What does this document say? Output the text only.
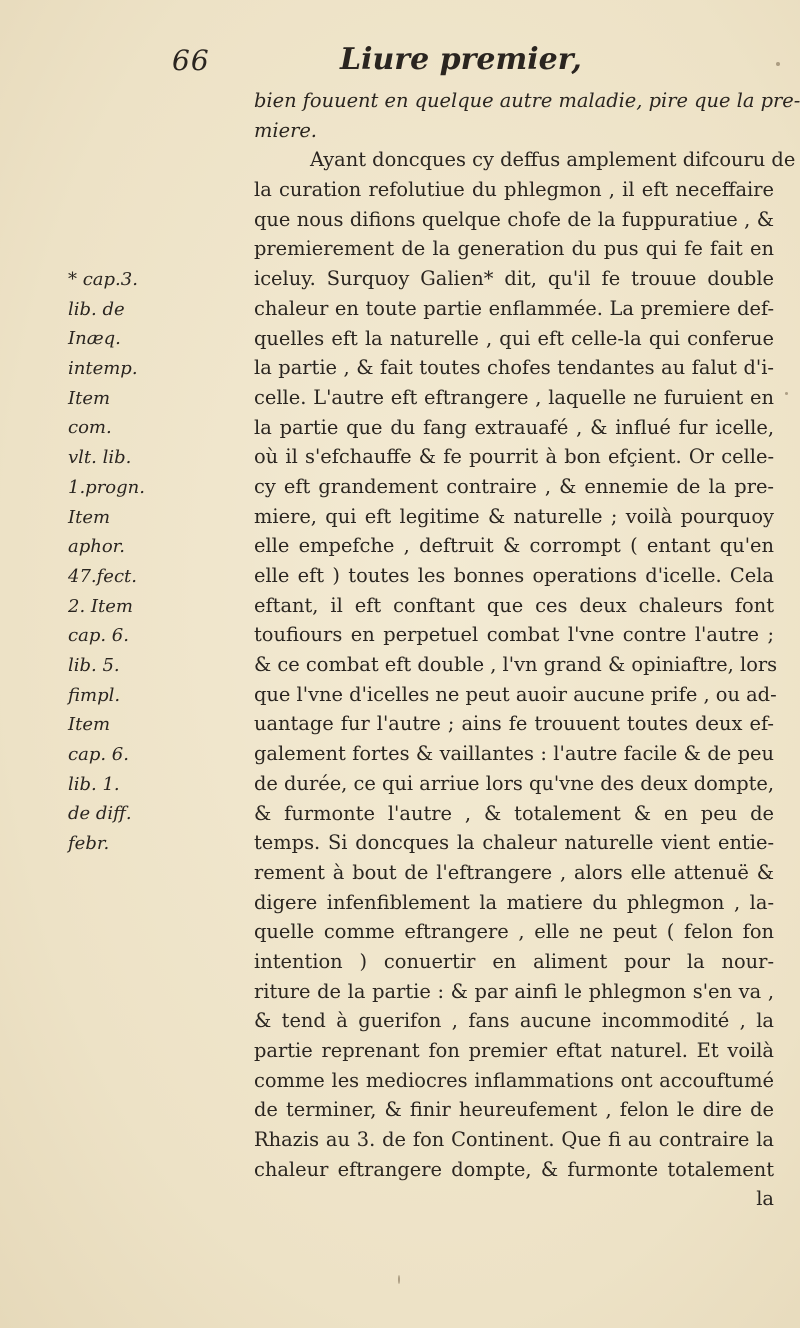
66	Liure premier,
bien fouuent en quelque autre maladie, pire que la pre-
miere.
Ayant doncques cy deffus amplement difcouru de
la curation refolutiue du phlegmon , il eft neceffaire
que nous difions quelque chofe de la fuppuratiue , &
premierement de la generation du pus qui fe fait en
iceluy. Surquoy Galien* dit, qu'il fe trouue double
chaleur en toute partie enflammée. La premiere def-
quelles eft la naturelle , qui eft celle-la qui conferue
la partie , & fait toutes chofes tendantes au falut d'i-
celle. L'autre eft eftrangere , laquelle ne furuient en
la partie que du fang extrauafé , & influé fur icelle,
où il s'efchauffe & fe pourrit à bon efçient. Or celle-
cy eft grandement contraire , & ennemie de la pre-
miere, qui eft legitime & naturelle ; voilà pourquoy
elle empefche , deftruit & corrompt ( entant qu'en
elle eft ) toutes les bonnes operations d'icelle. Cela
eftant, il eft conftant que ces deux chaleurs font
toufiours en perpetuel combat l'vne contre l'autre ;
& ce combat eft double , l'vn grand & opiniaftre, lors
que l'vne d'icelles ne peut auoir aucune prife , ou ad-
uantage fur l'autre ; ains fe trouuent toutes deux ef-
galement fortes & vaillantes : l'autre facile & de peu
de durée, ce qui arriue lors qu'vne des deux dompte,
& furmonte l'autre , & totalement & en peu de
temps. Si doncques la chaleur naturelle vient entie-
rement à bout de l'eftrangere , alors elle attenuë &
digere infenfiblement la matiere du phlegmon , la-
quelle comme eftrangere , elle ne peut ( felon fon
intention ) conuertir en aliment pour la nour-
riture de la partie : & par ainfi le phlegmon s'en va ,
& tend à guerifon , fans aucune incommodité , la
partie reprenant fon premier eftat naturel. Et voilà
comme les mediocres inflammations ont accouftumé
de terminer, & finir heureufement , felon le dire de
Rhazis au 3. de fon Continent. Que fi au contraire la
chaleur eftrangere dompte, & furmonte totalement
la
* cap.3.
lib. de
Inæq.
intemp.
Item
com.
vlt. lib.
1.progn.
Item
aphor.
47.fect.
2. Item
cap. 6.
lib. 5.
fimpl.
Item
cap. 6.
lib. 1.
de diff.
febr.
